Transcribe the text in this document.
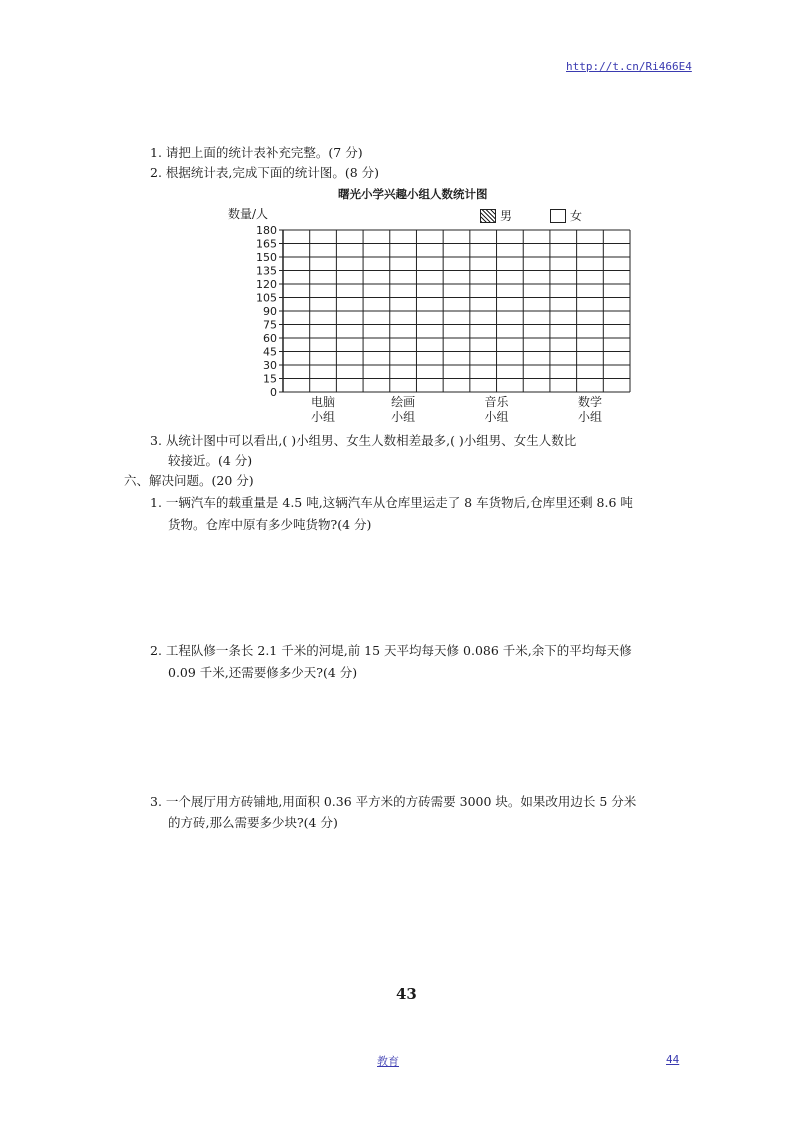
http://t.cn/Ri466E4
1. 请把上面的统计表补充完整。(7 分)
2. 根据统计表,完成下面的统计图。(8 分)
曙光小学兴趣小组人数统计图
数量/人	男	女
180
165
150
135
120
105
90
75
60
45
30
15
0
电脑
小组
绘画
小组
音乐
小组
数学
小组
3. 从统计图中可以看出,( )小组男、女生人数相差最多,( )小组男、女生人数比
较接近。(4 分)
六、解决问题。(20 分)
1. 一辆汽车的载重量是 4.5 吨,这辆汽车从仓库里运走了 8 车货物后,仓库里还剩 8.6 吨
货物。仓库中原有多少吨货物?(4 分)
2. 工程队修一条长 2.1 千米的河堤,前 15 天平均每天修 0.086 千米,余下的平均每天修
0.09 千米,还需要修多少天?(4 分)
3. 一个展厅用方砖铺地,用面积 0.36 平方米的方砖需要 3000 块。如果改用边长 5 分米
的方砖,那么需要多少块?(4 分)
43
教育	44
